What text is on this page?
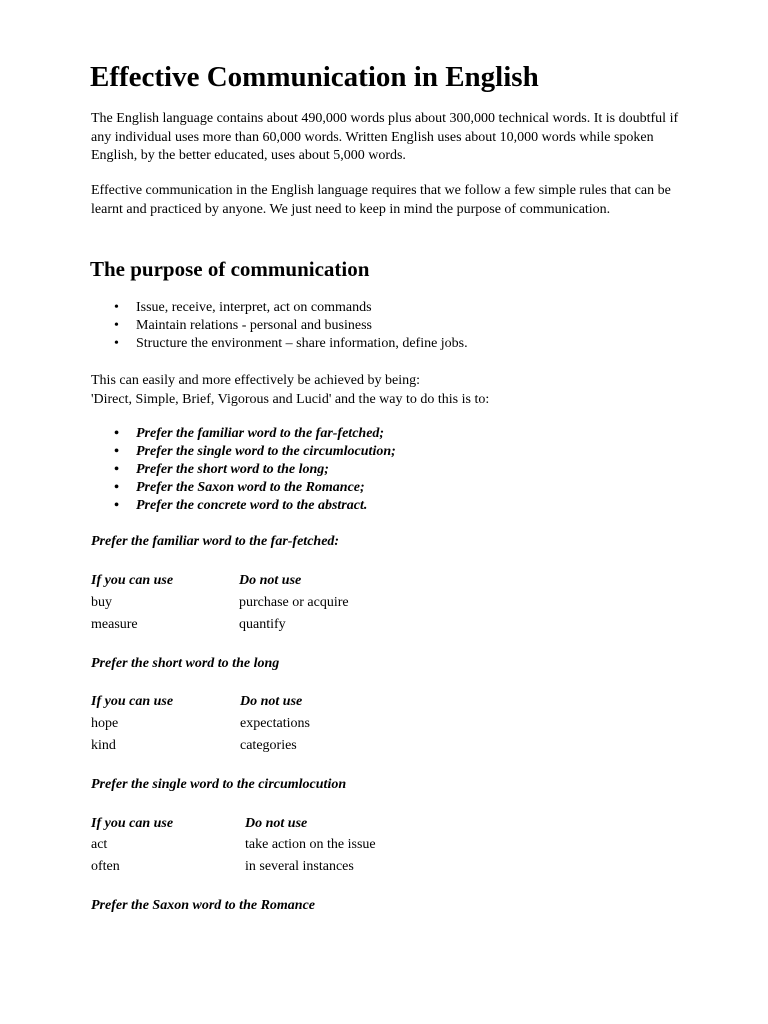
Effective Communication in English

The English language contains about 490,000 words plus about 300,000 technical words. It is doubtful if any individual uses more than 60,000 words. Written English uses about 10,000 words while spoken English, by the better educated, uses about 5,000 words.

Effective communication in the English language requires that we follow a few simple rules that can be learnt and practiced by anyone. We just need to keep in mind the purpose of communication.

The purpose of communication
• Issue, receive, interpret, act on commands
• Maintain relations - personal and business
• Structure the environment – share information, define jobs.
This can easily and more effectively be achieved by being:
'Direct, Simple, Brief, Vigorous and Lucid' and the way to do this is to:
• Prefer the familiar word to the far-fetched;
• Prefer the single word to the circumlocution;
• Prefer the short word to the long;
• Prefer the Saxon word to the Romance;
• Prefer the concrete word to the abstract.
Prefer the familiar word to the far-fetched:
If you can use	Do not use
buy	purchase or acquire
measure	quantify
Prefer the short word to the long
If you can use	Do not use
hope	expectations
kind	categories
Prefer the single word to the circumlocution
If you can use	Do not use
act	take action on the issue
often	in several instances
Prefer the Saxon word to the Romance
